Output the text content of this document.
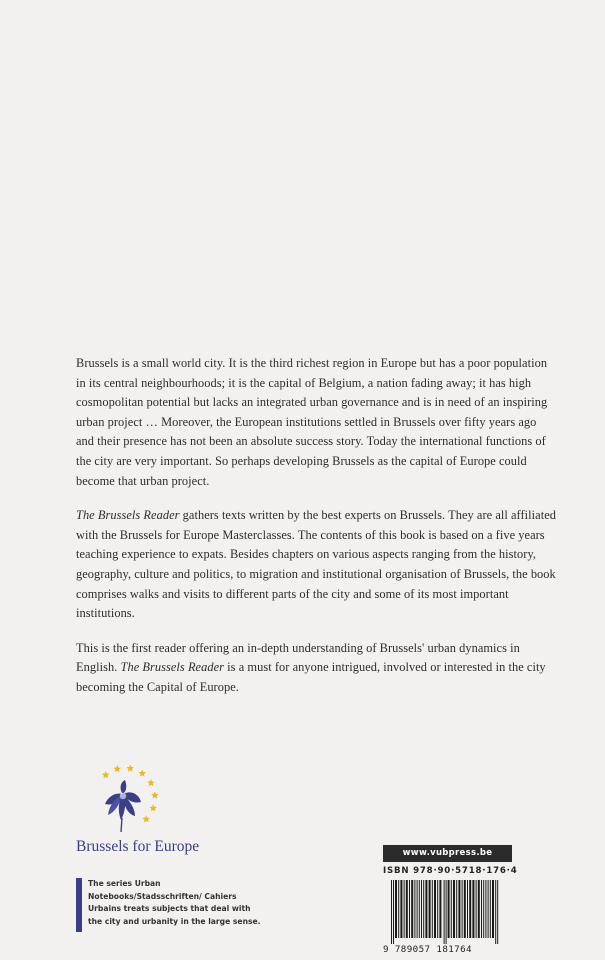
Brussels is a small world city. It is the third richest region in Europe but has a poor population in its central neighbourhoods; it is the capital of Belgium, a nation fading away; it has high cosmopolitan potential but lacks an integrated urban governance and is in need of an inspiring urban project … Moreover, the European institutions settled in Brussels over fifty years ago and their presence has not been an absolute success story. Today the international functions of the city are very important. So perhaps developing Brussels as the capital of Europe could become that urban project.

The Brussels Reader gathers texts written by the best experts on Brussels. They are all affiliated with the Brussels for Europe Masterclasses. The contents of this book is based on a five years teaching experience to expats. Besides chapters on various aspects ranging from the history, geography, culture and politics, to migration and institutional organisation of Brussels, the book comprises walks and visits to different parts of the city and some of its most important institutions.

This is the first reader offering an in-depth understanding of Brussels' urban dynamics in English. The Brussels Reader is a must for anyone intrigued, involved or interested in the city becoming the Capital of Europe.

Brussels for Europe
The series Urban Notebooks/Stadsschriften/ Cahiers Urbains treats subjects that deal with the city and urbanity in the large sense.
www.vubpress.be
ISBN 978·90·5718·176·4
9 789057 181764
